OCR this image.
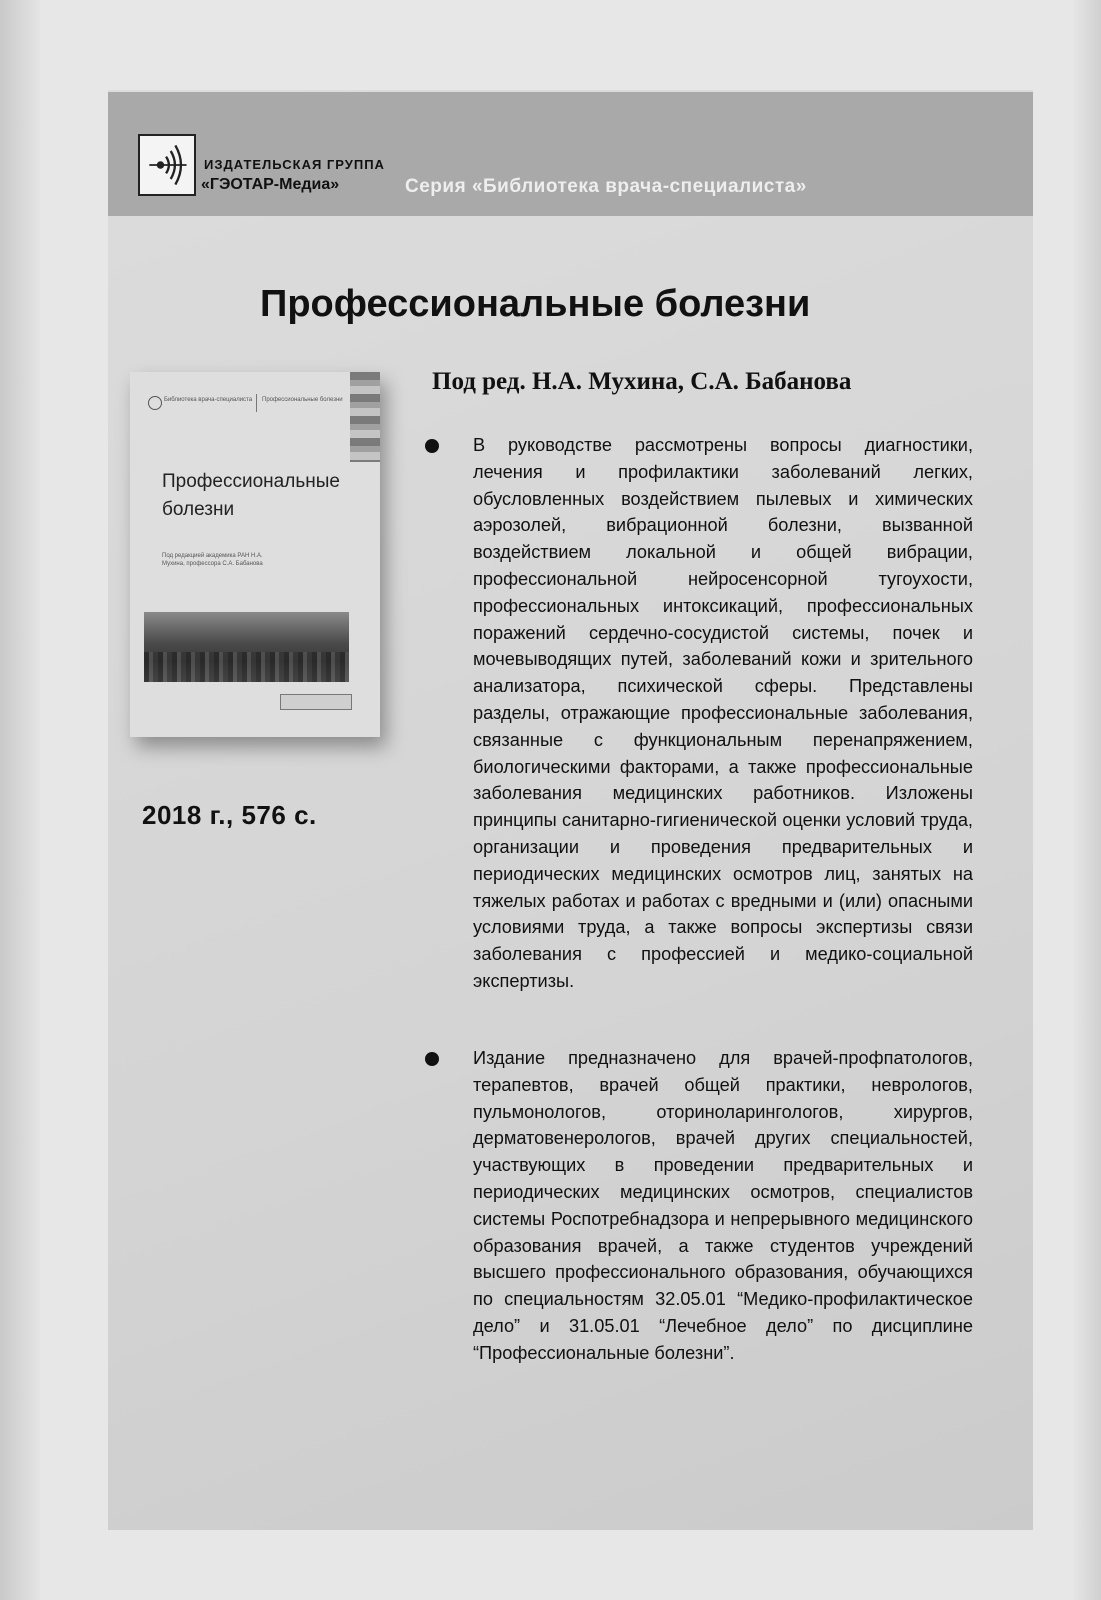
ИЗДАТЕЛЬСКАЯ ГРУППА
«ГЭОТАР-Медиа»	Серия «Библиотека врача-специалиста»
Профессиональные болезни
Под ред. Н.А. Мухина, С.А. Бабанова
Библиотека врача-специалиста Профессиональные болезни
Профессиональные болезни
Под редакцией академика РАН Н.А. Мухина, профессора С.А. Бабанова
2018 г., 576 с.
В руководстве рассмотрены вопросы диагностики, лечения и профилактики заболеваний легких, обусловленных воздействием пылевых и химических аэрозолей, вибрационной болезни, вызванной воздействием локальной и общей вибрации, профессиональной нейросенсорной тугоухости, профессиональных интоксикаций, профессиональных поражений сердечно-сосудистой системы, почек и мочевыводящих путей, заболеваний кожи и зрительного анализатора, психической сферы. Представлены разделы, отражающие профессиональные заболевания, связанные с функциональным перенапряжением, биологическими факторами, а также профессиональные заболевания медицинских работников. Изложены принципы санитарно-гигиенической оценки условий труда, организации и проведения предварительных и периодических медицинских осмотров лиц, занятых на тяжелых работах и работах с вредными и (или) опасными условиями труда, а также вопросы экспертизы связи заболевания с профессией и медико-социальной экспертизы.
Издание предназначено для врачей-профпатологов, терапевтов, врачей общей практики, неврологов, пульмонологов, оториноларингологов, хирургов, дерматовенерологов, врачей других специальностей, участвующих в проведении предварительных и периодических медицинских осмотров, специалистов системы Роспотребнадзора и непрерывного медицинского образования врачей, а также студентов учреждений высшего профессионального образования, обучающихся по специальностям 32.05.01 “Медико-профилактическое дело” и 31.05.01 “Лечебное дело” по дисциплине “Профессиональные болезни”.
